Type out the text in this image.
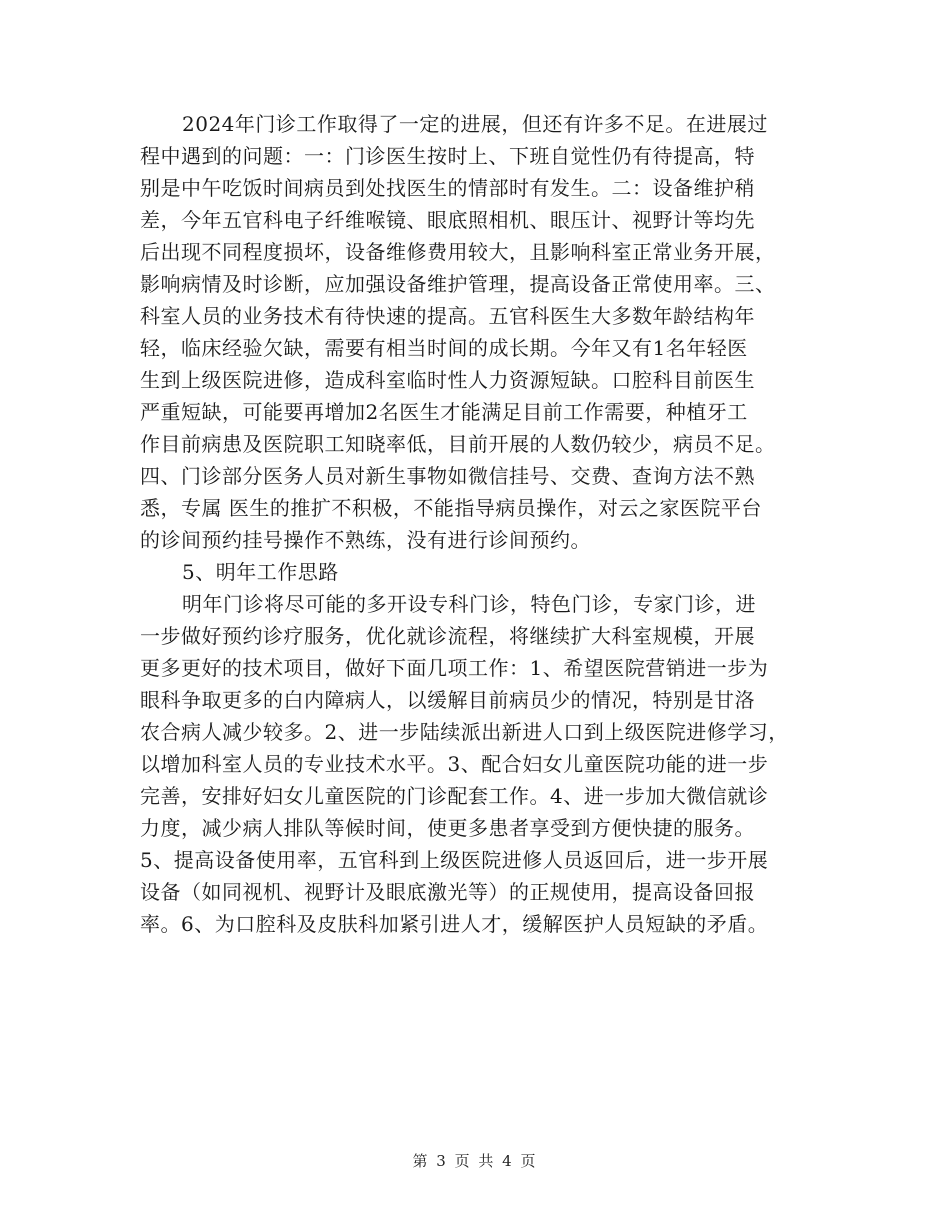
2024年门诊工作取得了一定的进展，但还有许多不足。在进展过
程中遇到的问题：一：门诊医生按时上、下班自觉性仍有待提高，特
别是中午吃饭时间病员到处找医生的情部时有发生。二：设备维护稍
差，今年五官科电子纤维喉镜、眼底照相机、眼压计、视野计等均先
后出现不同程度损坏，设备维修费用较大，且影响科室正常业务开展，
影响病情及时诊断，应加强设备维护管理，提高设备正常使用率。三、
科室人员的业务技术有待快速的提高。五官科医生大多数年龄结构年
轻，临床经验欠缺，需要有相当时间的成长期。今年又有1名年轻医
生到上级医院进修，造成科室临时性人力资源短缺。口腔科目前医生
严重短缺，可能要再增加2名医生才能满足目前工作需要，种植牙工
作目前病患及医院职工知晓率低，目前开展的人数仍较少，病员不足。
四、门诊部分医务人员对新生事物如微信挂号、交费、查询方法不熟
悉，专属 医生的推扩不积极，不能指导病员操作，对云之家医院平台
的诊间预约挂号操作不熟练，没有进行诊间预约。
5、明年工作思路
明年门诊将尽可能的多开设专科门诊，特色门诊，专家门诊，进
一步做好预约诊疗服务，优化就诊流程，将继续扩大科室规模，开展
更多更好的技术项目，做好下面几项工作：1、希望医院营销进一步为
眼科争取更多的白内障病人，以缓解目前病员少的情况，特别是甘洛
农合病人减少较多。2、进一步陆续派出新进人口到上级医院进修学习，
以增加科室人员的专业技术水平。3、配合妇女儿童医院功能的进一步
完善，安排好妇女儿童医院的门诊配套工作。4、进一步加大微信就诊
力度，减少病人排队等候时间，使更多患者享受到方便快捷的服务。
5、提高设备使用率，五官科到上级医院进修人员返回后，进一步开展
设备（如同视机、视野计及眼底激光等）的正规使用，提高设备回报
率。6、为口腔科及皮肤科加紧引进人才，缓解医护人员短缺的矛盾。
第 3 页 共 4 页
